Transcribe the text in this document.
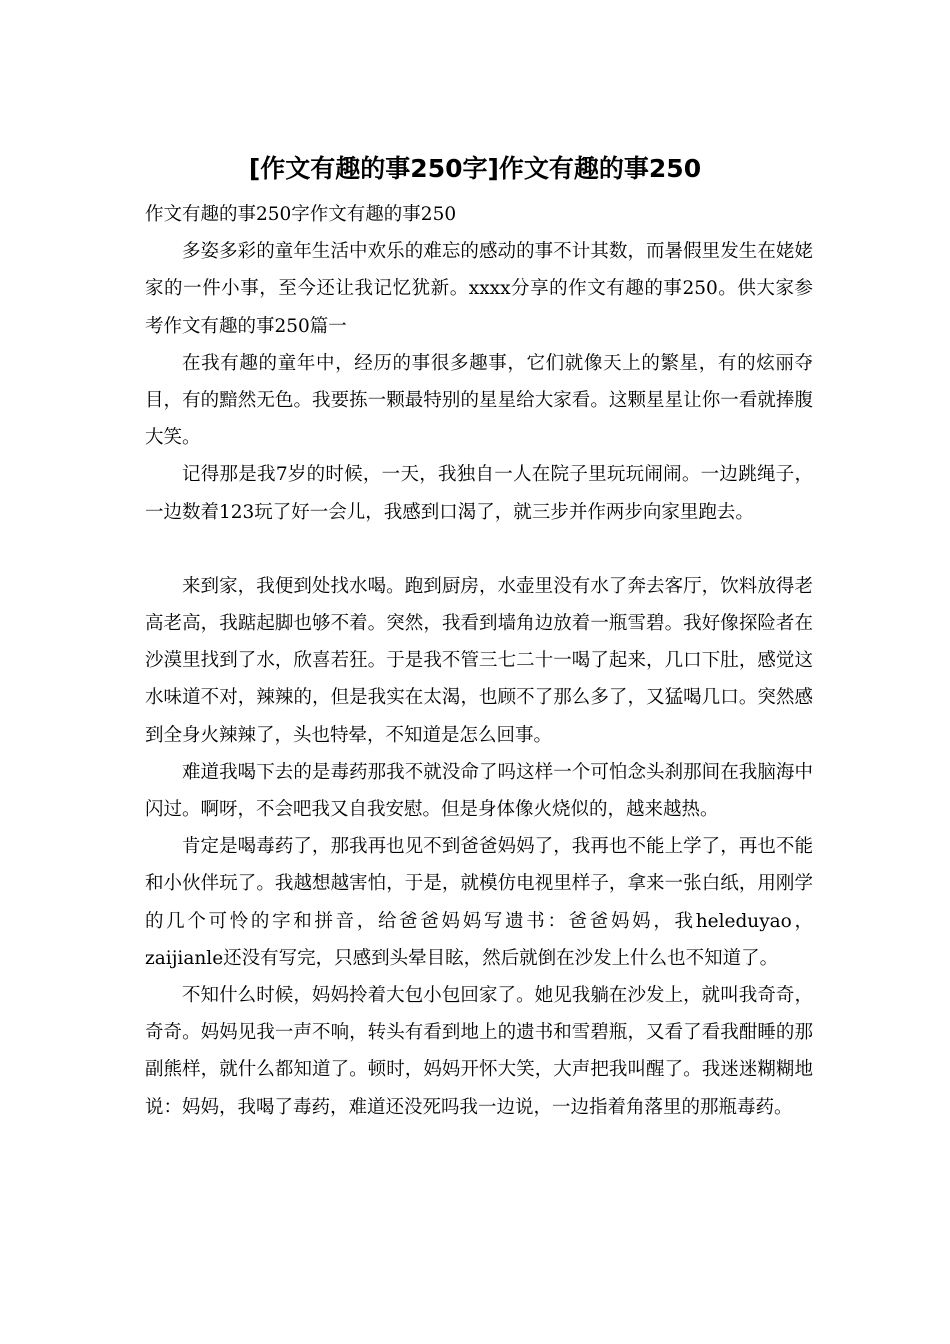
[作文有趣的事250字]作文有趣的事250

作文有趣的事250字作文有趣的事250

多姿多彩的童年生活中欢乐的难忘的感动的事不计其数，而暑假里发生在姥姥家的一件小事，至今还让我记忆犹新。xxxx分享的作文有趣的事250。供大家参考作文有趣的事250篇一

在我有趣的童年中，经历的事很多趣事，它们就像天上的繁星，有的炫丽夺目，有的黯然无色。我要拣一颗最特别的星星给大家看。这颗星星让你一看就捧腹大笑。

记得那是我7岁的时候，一天，我独自一人在院子里玩玩闹闹。一边跳绳子，一边数着123玩了好一会儿，我感到口渴了，就三步并作两步向家里跑去。

来到家，我便到处找水喝。跑到厨房，水壶里没有水了奔去客厅，饮料放得老高老高，我踮起脚也够不着。突然，我看到墙角边放着一瓶雪碧。我好像探险者在沙漠里找到了水，欣喜若狂。于是我不管三七二十一喝了起来，几口下肚，感觉这水味道不对，辣辣的，但是我实在太渴，也顾不了那么多了，又猛喝几口。突然感到全身火辣辣了，头也特晕，不知道是怎么回事。

难道我喝下去的是毒药那我不就没命了吗这样一个可怕念头刹那间在我脑海中闪过。啊呀，不会吧我又自我安慰。但是身体像火烧似的，越来越热。

肯定是喝毒药了，那我再也见不到爸爸妈妈了，我再也不能上学了，再也不能和小伙伴玩了。我越想越害怕，于是，就模仿电视里样子，拿来一张白纸，用刚学的几个可怜的字和拼音，给爸爸妈妈写遗书：爸爸妈妈，我heleduyao，zaijianle还没有写完，只感到头晕目眩，然后就倒在沙发上什么也不知道了。

不知什么时候，妈妈拎着大包小包回家了。她见我躺在沙发上，就叫我奇奇，奇奇。妈妈见我一声不响，转头有看到地上的遗书和雪碧瓶，又看了看我酣睡的那副熊样，就什么都知道了。顿时，妈妈开怀大笑，大声把我叫醒了。我迷迷糊糊地说：妈妈，我喝了毒药，难道还没死吗我一边说，一边指着角落里的那瓶毒药。
